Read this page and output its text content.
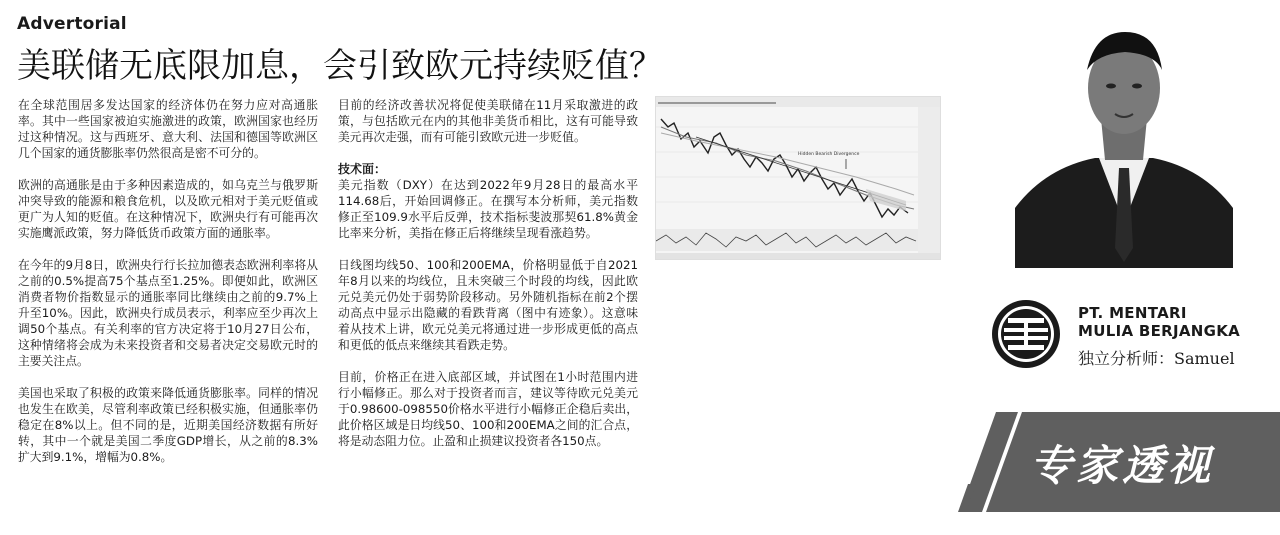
Advertorial
美联储无底限加息，会引致欧元持续贬值？

在全球范围居多发达国家的经济体仍在努力应对高通胀率。其中一些国家被迫实施激进的政策，欧洲国家也经历过这种情况。这与西班牙、意大利、法国和德国等欧洲区几个国家的通货膨胀率仍然很高是密不可分的。

欧洲的高通胀是由于多种因素造成的，如乌克兰与俄罗斯冲突导致的能源和粮食危机，以及欧元相对于美元贬值或更广为人知的贬值。在这种情况下，欧洲央行有可能再次实施鹰派政策，努力降低货币政策方面的通胀率。

在今年的9月8日，欧洲央行行长拉加德表态欧洲利率将从之前的0.5%提高75个基点至1.25%。即便如此，欧洲区消费者物价指数显示的通胀率同比继续由之前的9.7%上升至10%。因此，欧洲央行成员表示，利率应至少再次上调50个基点。有关利率的官方决定将于10月27日公布，这种情绪将会成为未来投资者和交易者决定交易欧元时的主要关注点。

美国也采取了积极的政策来降低通货膨胀率。同样的情况也发生在欧美，尽管利率政策已经积极实施，但通胀率仍稳定在8%以上。但不同的是，近期美国经济数据有所好转，其中一个就是美国二季度GDP增长，从之前的8.3%扩大到9.1%，增幅为0.8%。

目前的经济改善状况将促使美联储在11月采取激进的政策，与包括欧元在内的其他非美货币相比，这有可能导致美元再次走强，而有可能引致欧元进一步贬值。

技术面：

美元指数（DXY）在达到2022年9月28日的最高水平114.68后，开始回调修正。在撰写本分析师，美元指数修正至109.9水平后反弹，技术指标斐波那契61.8%黄金比率来分析，美指在修正后将继续呈现看涨趋势。

日线图均线50、100和200EMA，价格明显低于自2021年8月以来的均线位，且未突破三个时段的均线，因此欧元兑美元仍处于弱势阶段移动。另外随机指标在前2个摆动高点中显示出隐藏的看跌背离（图中有迹象）。这意味着从技术上讲，欧元兑美元将通过进一步形成更低的高点和更低的低点来继续其看跌走势。

目前，价格正在进入底部区域，并试图在1小时范围内进行小幅修正。那么对于投资者而言，建议等待欧元兑美元于0.98600-098550价格水平进行小幅修正企稳后卖出，此价格区域是日均线50、100和200EMA之间的汇合点，将是动态阻力位。止盈和止损建议投资者各150点。

Hidden Bearish Divergence
PT. MENTARI
MULIA BERJANGKA
独立分析师：Samuel
专家透视
